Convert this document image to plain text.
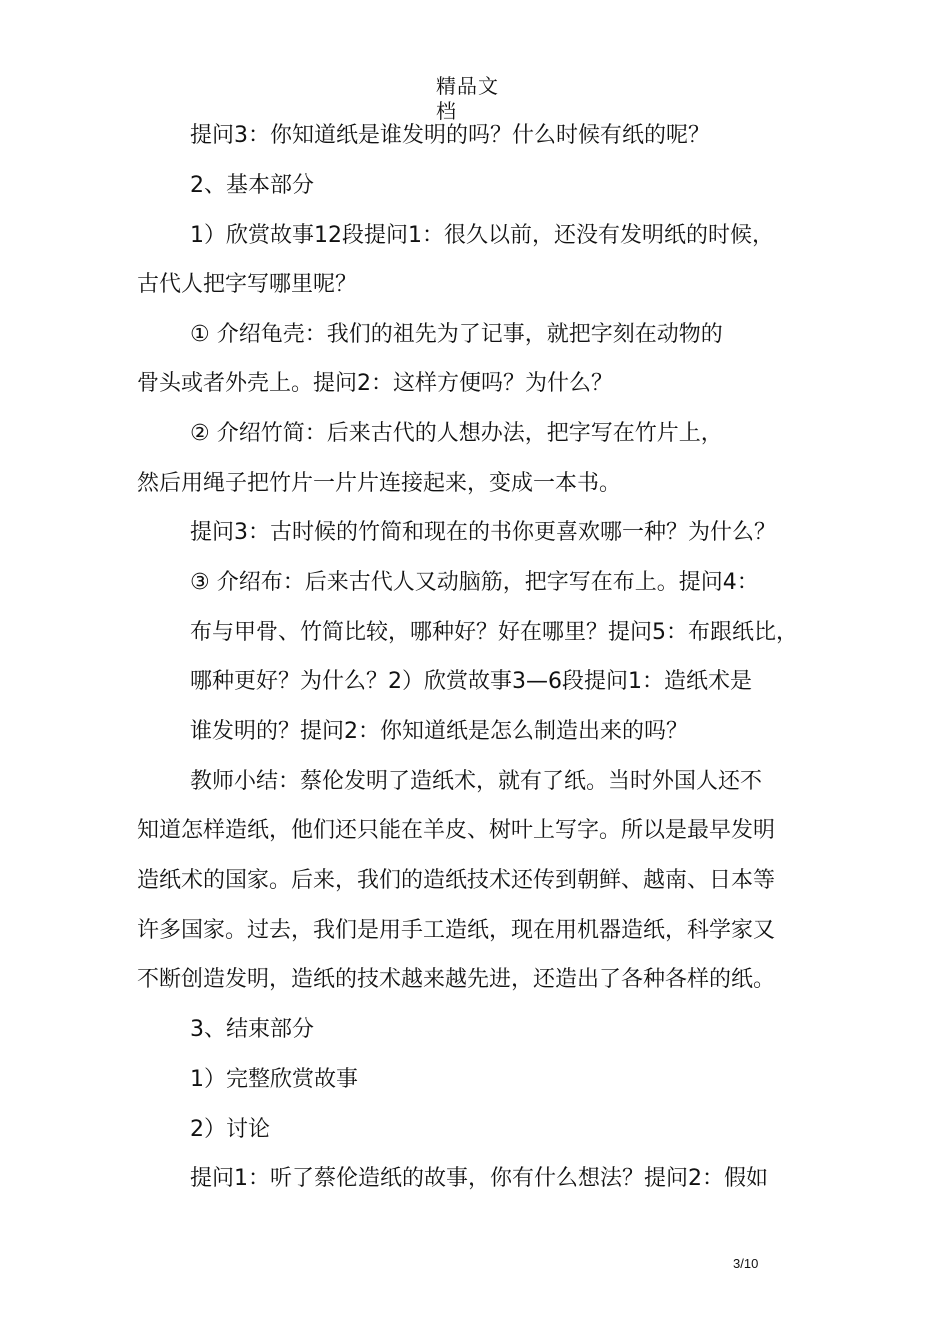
精品文档
提问3：你知道纸是谁发明的吗？什么时候有纸的呢？
2、基本部分
1）欣赏故事12段提问1：很久以前，还没有发明纸的时候，
古代人把字写哪里呢？
① 介绍龟壳：我们的祖先为了记事，就把字刻在动物的
骨头或者外壳上。提问2：这样方便吗？为什么？
② 介绍竹简：后来古代的人想办法，把字写在竹片上，
然后用绳子把竹片一片片连接起来，变成一本书。
提问3：古时候的竹简和现在的书你更喜欢哪一种？为什么？
③ 介绍布：后来古代人又动脑筋，把字写在布上。提问4：
布与甲骨、竹简比较，哪种好？好在哪里？提问5：布跟纸比，
哪种更好？为什么？2）欣赏故事3—6段提问1：造纸术是
谁发明的？提问2：你知道纸是怎么制造出来的吗？
教师小结：蔡伦发明了造纸术，就有了纸。当时外国人还不
知道怎样造纸，他们还只能在羊皮、树叶上写字。所以是最早发明
造纸术的国家。后来，我们的造纸技术还传到朝鲜、越南、日本等
许多国家。过去，我们是用手工造纸，现在用机器造纸，科学家又
不断创造发明，造纸的技术越来越先进，还造出了各种各样的纸。
3、结束部分
1）完整欣赏故事
2）讨论
提问1：听了蔡伦造纸的故事，你有什么想法？提问2：假如
3/10
